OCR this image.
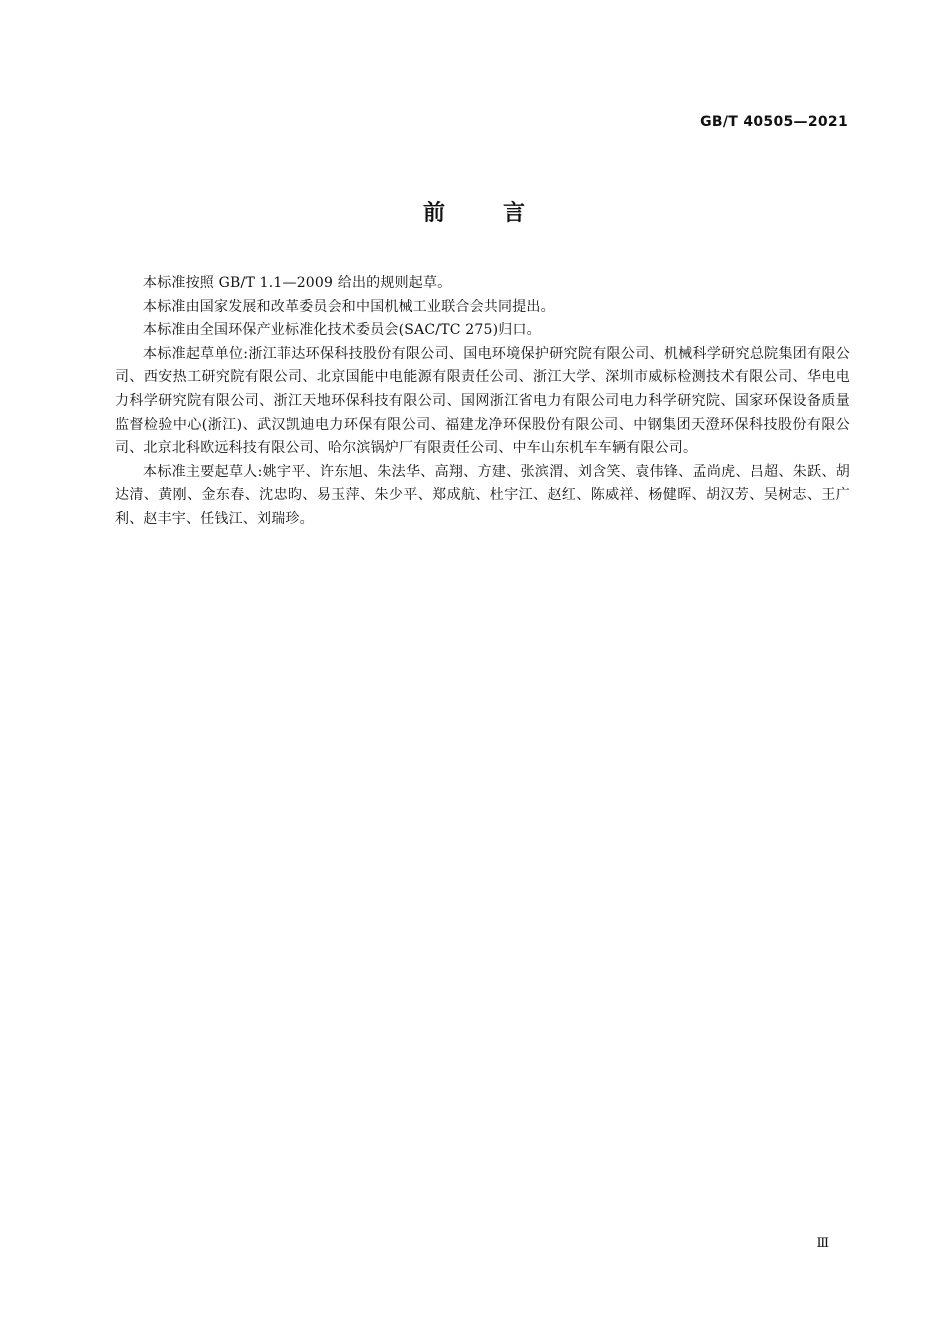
GB/T 40505—2021
前	言

本标准按照 GB/T 1.1—2009 给出的规则起草。

本标准由国家发展和改革委员会和中国机械工业联合会共同提出。

本标准由全国环保产业标准化技术委员会(SAC/TC 275)归口。

本标准起草单位:浙江菲达环保科技股份有限公司、国电环境保护研究院有限公司、机械科学研究总院集团有限公司、西安热工研究院有限公司、北京国能中电能源有限责任公司、浙江大学、深圳市威标检测技术有限公司、华电电力科学研究院有限公司、浙江天地环保科技有限公司、国网浙江省电力有限公司电力科学研究院、国家环保设备质量监督检验中心(浙江)、武汉凯迪电力环保有限公司、福建龙净环保股份有限公司、中钢集团天澄环保科技股份有限公司、北京北科欧远科技有限公司、哈尔滨锅炉厂有限责任公司、中车山东机车车辆有限公司。

本标准主要起草人:姚宇平、许东旭、朱法华、高翔、方建、张滨渭、刘含笑、袁伟锋、孟尚虎、吕超、朱跃、胡达清、黄刚、金东春、沈忠昀、易玉萍、朱少平、郑成航、杜宇江、赵红、陈威祥、杨健晖、胡汉芳、吴树志、王广利、赵丰宇、任钱江、刘瑞珍。

Ⅲ
